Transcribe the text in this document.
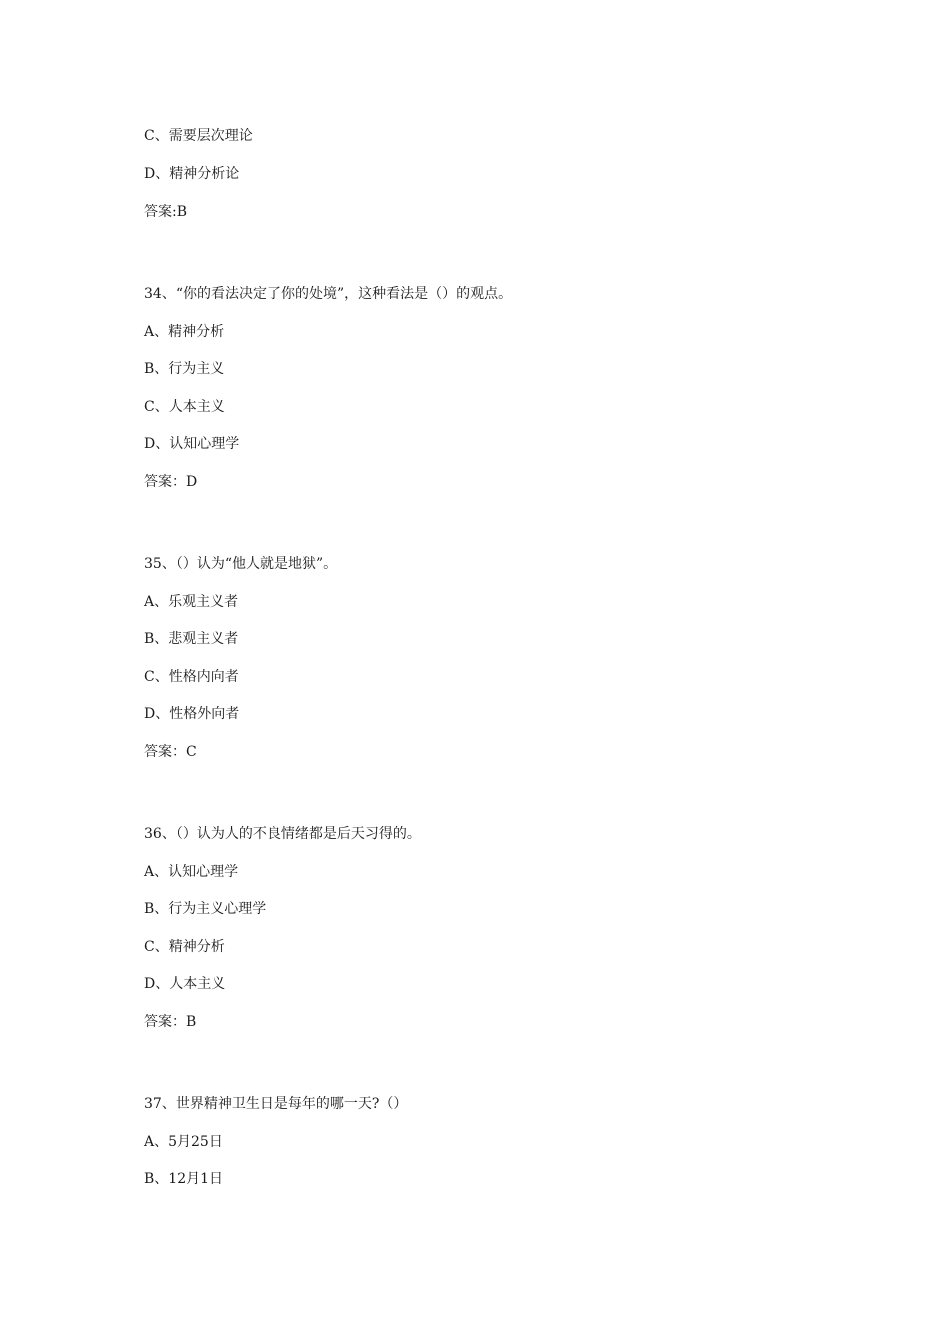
C、需要层次理论
D、精神分析论
答案:B
34、“你的看法决定了你的处境”，这种看法是（）的观点。
A、精神分析
B、行为主义
C、人本主义
D、认知心理学
答案：D
35、（）认为“他人就是地狱”。
A、乐观主义者
B、悲观主义者
C、性格内向者
D、性格外向者
答案：C
36、（）认为人的不良情绪都是后天习得的。
A、认知心理学
B、行为主义心理学
C、精神分析
D、人本主义
答案：B
37、世界精神卫生日是每年的哪一天?（）
A、5月25日
B、12月1日
